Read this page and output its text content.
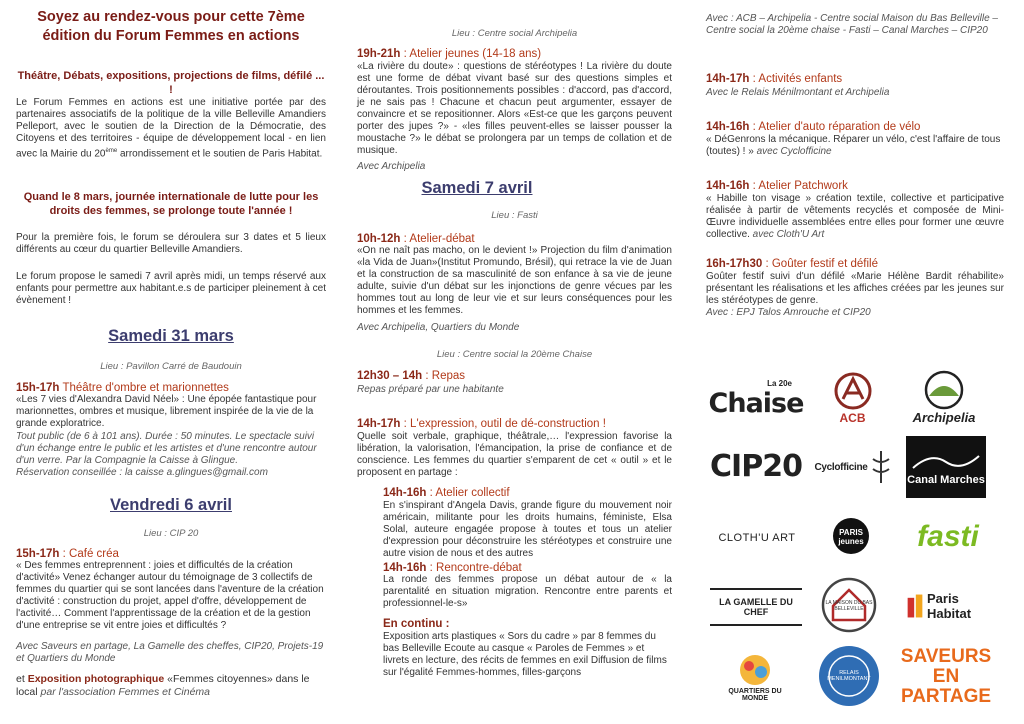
Soyez au rendez-vous pour cette 7ème
édition du Forum Femmes en actions
Théâtre, Débats, expositions, projections de films, défilé ... !

Le Forum Femmes en actions est une initiative portée par des partenaires associatifs de la politique de la ville Belleville Amandiers Pelleport, avec le soutien de la Direction de la Démocratie, des Citoyens et des territoires - équipe de développement local - en lien avec la Mairie du 20ème arrondissement et le soutien de Paris Habitat.

Quand le 8 mars, journée internationale de lutte pour les
droits des femmes, se prolonge toute l'année !

Pour la première fois, le forum se déroulera sur 3 dates et 5 lieux différents au cœur du quartier Belleville Amandiers.

Le forum propose le samedi 7 avril après midi, un temps réservé aux enfants pour permettre aux habitant.e.s de participer pleinement à cet évènement !

Samedi 31 mars
Lieu : Pavillon Carré de Baudouin
15h-17h Théâtre d'ombre et marionnettes

«Les 7 vies d'Alexandra David Néel» : Une épopée fantastique pour marionnettes, ombres et musique, librement inspirée de la vie de la grande exploratrice.

Tout public (de 6 à 101 ans). Durée : 50 minutes. Le spectacle suivi d'un échange entre le public et les artistes et d'une rencontre autour d'un verre. Par la Compagnie la Caisse à Glingue.

Réservation conseillée : la caisse a.glingues@gmail.com

Vendredi 6 avril
Lieu : CIP 20
15h-17h : Café créa

« Des femmes entreprennent : joies et difficultés de la création d'activité» Venez échanger autour du témoignage de 3 collectifs de femmes du quartier qui se sont lancées dans l'aventure de la création d'activité : construction du projet, appel d'offre, développement de l'activité… Comment l'apprentissage de la création et de la gestion d'une entreprise se vit entre joies et difficultés ?

Avec Saveurs en partage, La Gamelle des cheffes, CIP20, Projets-19 et Quartiers du Monde

et Exposition photographique «Femmes citoyennes» dans le local par l'association Femmes et Cinéma

Lieu : Centre social Archipelia
19h-21h : Atelier jeunes (14-18 ans)

«La rivière du doute» : questions de stéréotypes ! La rivière du doute est une forme de débat vivant basé sur des questions simples et déroutantes. Trois positionnements possibles : d'accord, pas d'accord, je ne sais pas ! Chacune et chacun peut argumenter, essayer de convaincre et se repositionner. Alors «Est-ce que les garçons peuvent porter des jupes ?» - «les filles peuvent-elles se laisser pousser la moustache ?» le débat se prolongera par un temps de collation et de musique.

Avec Archipelia

Samedi 7 avril
Lieu : Fasti
10h-12h : Atelier-débat

«On ne naît pas macho, on le devient !» Projection du film d'animation «la Vida de Juan»(Institut Promundo, Brésil), qui retrace la vie de Juan et la construction de sa masculinité de son enfance à sa vie de jeune adulte, suivie d'un débat sur les injonctions de genre vécues par les hommes tout au long de leur vie et sur leurs conséquences pour les hommes et les femmes.

Avec Archipelia, Quartiers du Monde

Lieu : Centre social la 20ème Chaise
12h30 – 14h : Repas

Repas préparé par une habitante

14h-17h : L'expression, outil de dé-construction !

Quelle soit verbale, graphique, théâtrale,… l'expression favorise la libération, la valorisation, l'émancipation, la prise de confiance et de conscience. Les femmes du quartier s'emparent de cet « outil » et le proposent en partage :

14h-16h : Atelier collectif

En s'inspirant d'Angela Davis, grande figure du mouvement noir américain, militante pour les droits humains, féministe, Elsa Solal, auteure engagée propose à toutes et tous un atelier d'expression pour déconstruire les stéréotypes et construire une autre vision de nous et des autres

14h-16h : Rencontre-débat

La ronde des femmes propose un débat autour de « la parentalité en situation migration. Rencontre entre parents et professionnel-le-s»

En continu :

Exposition arts plastiques « Sors du cadre » par 8 femmes du bas Belleville Ecoute au casque « Paroles de Femmes » et livrets en lecture, des récits de femmes en exil Diffusion de films sur l'égalité Femmes-hommes, filles-garçons

Avec : ACB – Archipelia - Centre social Maison du Bas Belleville – Centre social la 20ème chaise - Fasti – Canal Marches – CIP20

14h-17h : Activités enfants

Avec le Relais Ménilmontant et Archipelia

14h-16h : Atelier d'auto réparation de vélo

« DéGenrons la mécanique. Réparer un vélo, c'est l'affaire de tous (toutes) ! » avec Cyclofficine

14h-16h : Atelier Patchwork

« Habille ton visage » création textile, collective et participative réalisée à partir de vêtements recyclés et composée de Mini-Œuvre individuelle assemblées entre elles pour former une œuvre collective. avec Cloth'U Art

16h-17h30 : Goûter festif et défilé

Goûter festif suivi d'un défilé «Marie Hélène Bardit réhabilite» présentant les réalisations et les affiches créées par les jeunes sur les stéréotypes de genre.

Avec : EPJ Talos Amrouche et CIP20

La 20e
Chaise	ACB	Archipelia
CIP20 Cyclofficine
Canal Marches
CLOTH'U ART	PARIS jeunes fasti
LA GAMELLE DU CHEF
LA MAISON DU BAS BELLEVILLE
Paris Habitat
QUARTIERS DU MONDE
RELAIS MENILMONTANT
SAVEURS EN PARTAGE
